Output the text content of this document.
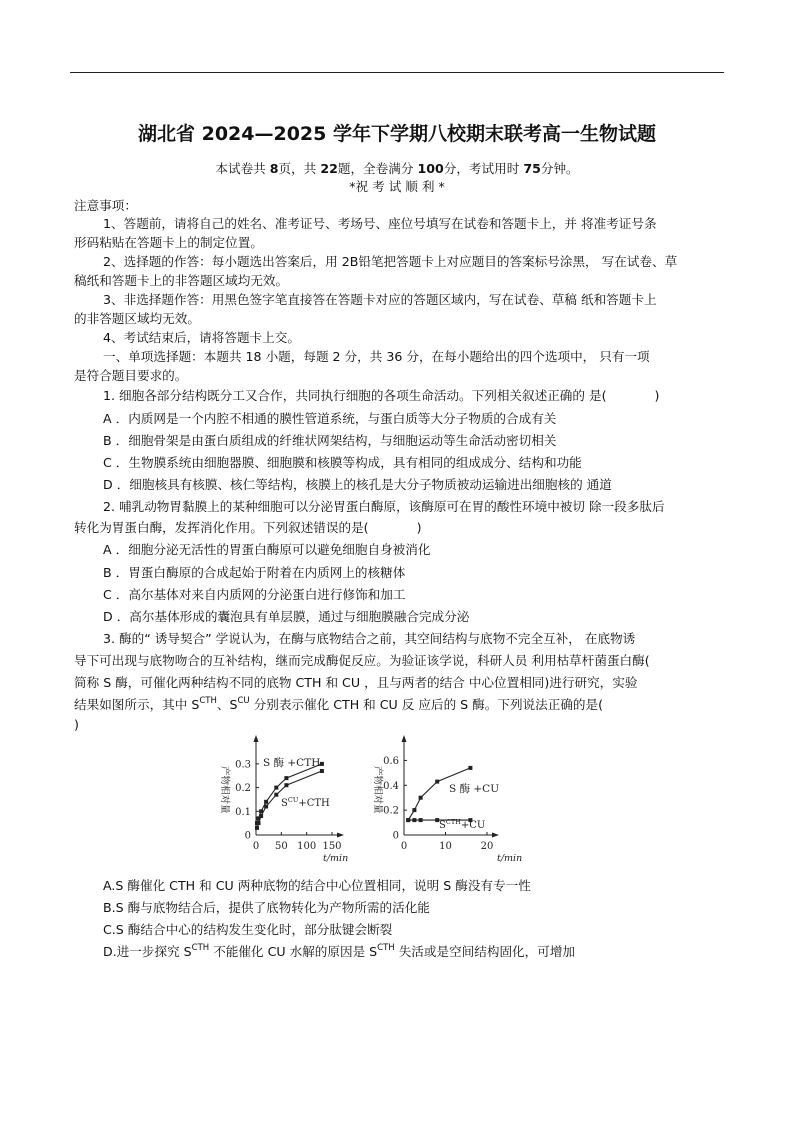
湖北省 2024—2025 学年下学期八校期末联考高一生物试题
本试卷共 8页，共 22题，全卷满分 100分，考试用时 75分钟。
*祝 考 试 顺 利 *
注意事项：
1、答题前，请将自己的姓名、准考证号、考场号、座位号填写在试卷和答题卡上，并 将准考证号条
形码粘贴在答题卡上的制定位置。
2、选择题的作答：每小题选出答案后，用 2B铅笔把答题卡上对应题目的答案标号涂黑， 写在试卷、草
稿纸和答题卡上的非答题区域均无效。
3、非选择题作答：用黑色签字笔直接答在答题卡对应的答题区域内，写在试卷、草稿 纸和答题卡上
的非答题区域均无效。
4、考试结束后，请将答题卡上交。
一、单项选择题：本题共 18 小题，每题 2 分，共 36 分，在每小题给出的四个选项中， 只有一项
是符合题目要求的。
1. 细胞各部分结构既分工又合作，共同执行细胞的各项生命活动。下列相关叙述正确的 是(	)
A ．内质网是一个内腔不相通的膜性管道系统，与蛋白质等大分子物质的合成有关
B ．细胞骨架是由蛋白质组成的纤维状网架结构，与细胞运动等生命活动密切相关
C ．生物膜系统由细胞器膜、细胞膜和核膜等构成，具有相同的组成成分、结构和功能
D ．细胞核具有核膜、核仁等结构，核膜上的核孔是大分子物质被动运输进出细胞核的 通道
2. 哺乳动物胃黏膜上的某种细胞可以分泌胃蛋白酶原，该酶原可在胃的酸性环境中被切 除一段多肽后
转化为胃蛋白酶，发挥消化作用。下列叙述错误的是(	)
A ．细胞分泌无活性的胃蛋白酶原可以避免细胞自身被消化
B ．胃蛋白酶原的合成起始于附着在内质网上的核糖体
C ．高尔基体对来自内质网的分泌蛋白进行修饰和加工
D ．高尔基体形成的囊泡具有单层膜，通过与细胞膜融合完成分泌
3. 酶的“ 诱导契合” 学说认为，在酶与底物结合之前，其空间结构与底物不完全互补， 在底物诱
导下可出现与底物吻合的互补结构，继而完成酶促反应。为验证该学说，科研人员 利用枯草杆菌蛋白酶(
简称 S 酶，可催化两种结构不同的底物 CTH 和 CU ，且与两者的结合 中心位置相同)进行研究，实验
结果如图所示，其中 $S^{CTH}$、$S^{CU}$ 分别表示催化 CTH 和 CU 反 应后的 S 酶。下列说法正确的是(
)
产物相对量
t/min
0 50 100 150
0
0.1
0.2
0.3 S 酶 +CTH
$S^{CU}+CTH$	产物相对量
t/min
0	10	20
0
0.2
0.4
0.6
S 酶 +CU
$S^{CTH}+CU$
A.S 酶催化 CTH 和 CU 两种底物的结合中心位置相同，说明 S 酶没有专一性
B.S 酶与底物结合后，提供了底物转化为产物所需的活化能
C.S 酶结合中心的结构发生变化时，部分肽键会断裂
D.进一步探究 $S^{CTH}$ 不能催化 CU 水解的原因是 $S^{CTH}$ 失活或是空间结构固化，可增加
